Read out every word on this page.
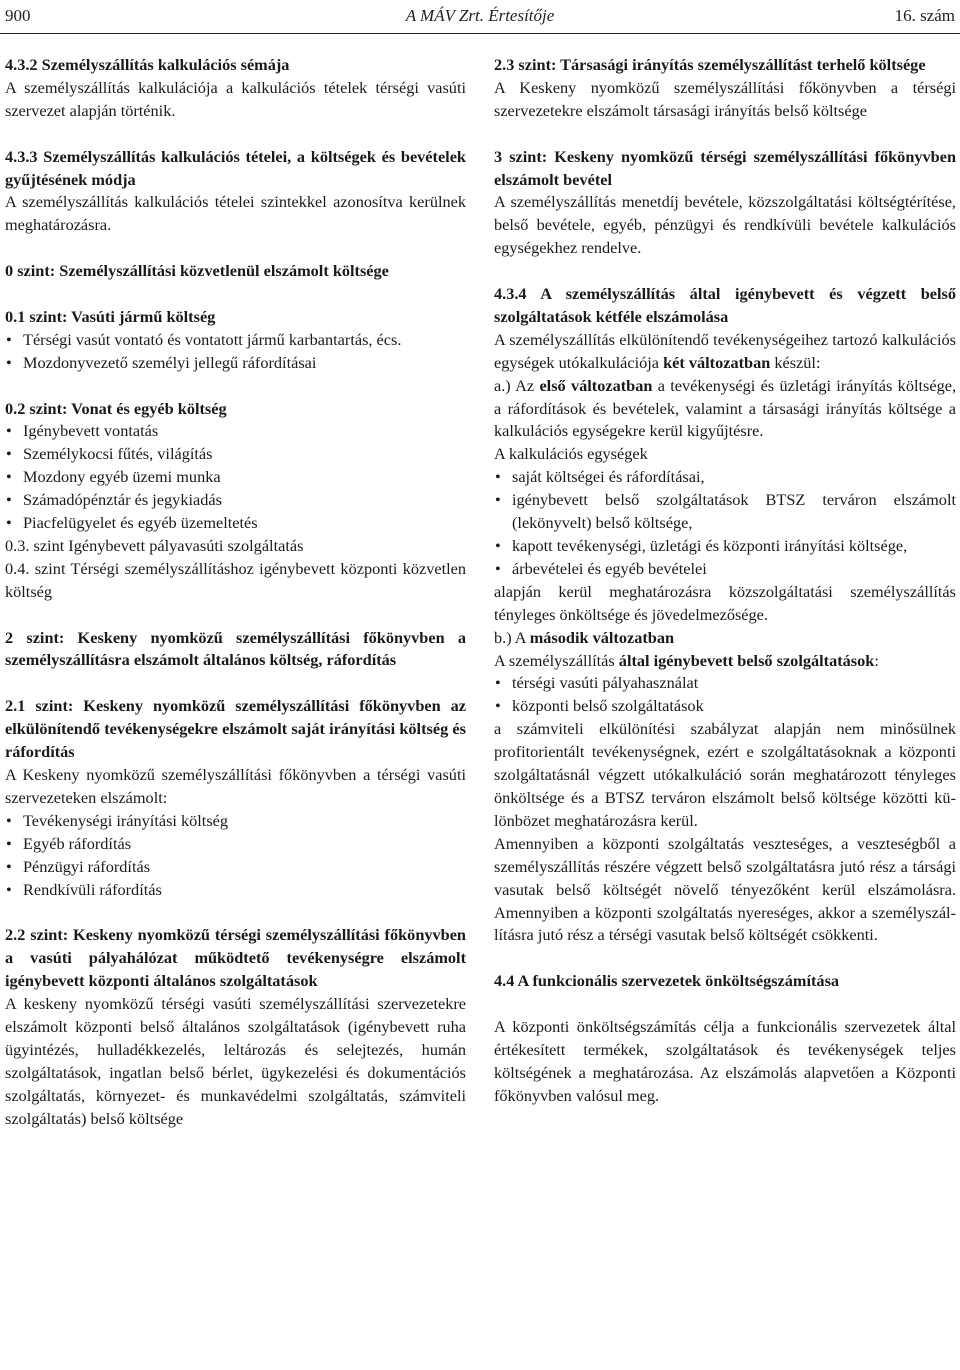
900	A MÁV Zrt. Értesítője	16. szám

4.3.2 Személyszállítás kalkulációs sémája

A személyszállítás kalkulációja a kalkulációs tételek térségi vasúti szervezet alapján történik.

4.3.3 Személyszállítás kalkulációs tételei, a költségek és bevételek gyűjtésének módja

A személyszállítás kalkulációs tételei szintekkel azonosítva kerülnek meghatározásra.

0 szint: Személyszállítási közvetlenül elszámolt költsége

0.1 szint: Vasúti jármű költség

• Térségi vasút vontató és vontatott jármű karbantartás, écs.

• Mozdonyvezető személyi jellegű ráfordításai

0.2 szint: Vonat és egyéb költség

• Igénybevett vontatás

• Személykocsi fűtés, világítás

• Mozdony egyéb üzemi munka

• Számadópénztár és jegykiadás

• Piacfelügyelet és egyéb üzemeltetés

0.3. szint Igénybevett pályavasúti szolgáltatás

0.4. szint Térségi személyszállításhoz igénybevett központi közvetlen költség

2 szint: Keskeny nyomközű személyszállítási főkönyvben a személyszállításra elszámolt általános költség, ráfordítás

2.1 szint: Keskeny nyomközű személyszállítási főkönyvben az elkülönítendő tevékenységekre elszámolt saját irányítási költség és ráfordítás

A Keskeny nyomközű személyszállítási főkönyvben a térségi vasúti szervezeteken elszámolt:

• Tevékenységi irányítási költség

• Egyéb ráfordítás

• Pénzügyi ráfordítás

• Rendkívüli ráfordítás

2.2 szint: Keskeny nyomközű térségi személyszállítási főkönyvben a vasúti pályahálózat működtető tevékenységre elszámolt igénybevett központi általános szolgáltatások

A keskeny nyomközű térségi vasúti személyszállítási szervezetekre elszámolt központi belső általános szolgáltatások (igénybevett ruha ügyintézés, hulladékkezelés, leltározás és selejtezés, humán szolgáltatások, ingatlan belső bérlet, ügykezelési és dokumentációs szolgáltatás, környezet- és munkavédelmi szolgáltatás, számviteli szolgáltatás) belső költsége

2.3 szint: Társasági irányítás személyszállítást terhelő költsége

A Keskeny nyomközű személyszállítási főkönyvben a térségi szervezetekre elszámolt társasági irányítás belső költsége

3 szint: Keskeny nyomközű térségi személyszállítási főkönyvben elszámolt bevétel

A személyszállítás menetdíj bevétele, közszolgáltatási költségtérítése, belső bevétele, egyéb, pénzügyi és rendkívüli bevétele kalkulációs egységekhez rendelve.

4.3.4 A személyszállítás által igénybevett és végzett belső szolgáltatások kétféle elszámolása

A személyszállítás elkülönítendő tevékenységeihez tartozó kalkulációs egységek utókalkulációja két változatban készül:

a.) Az első változatban a tevékenységi és üzletági irányítás költsége, a ráfordítások és bevételek, valamint a társasági irányítás költsége a kalkulációs egységekre kerül kigyűjtésre.

A kalkulációs egységek

• saját költségei és ráfordításai,

• igénybevett belső szolgáltatások BTSZ terváron elszámolt (lekönyvelt) belső költsége,

• kapott tevékenységi, üzletági és központi irányítási költsége,

• árbevételei és egyéb bevételei

alapján kerül meghatározásra közszolgáltatási személyszállítás tényleges önköltsége és jövedelmezősége.

b.) A második változatban

A személyszállítás által igénybevett belső szolgáltatások:

• térségi vasúti pályahasználat

• központi belső szolgáltatások

a számviteli elkülönítési szabályzat alapján nem minősülnek profitorientált tevékenységnek, ezért e szolgáltatásoknak a központi szolgáltatásnál végzett utókalkuláció során meghatározott tényleges önköltsége és a BTSZ terváron elszámolt belső költsége közötti különbözet meghatározásra kerül.

Amennyiben a központi szolgáltatás veszteséges, a veszteségből a személyszállítás részére végzett belső szolgáltatásra jutó rész a társági vasutak belső költségét növelő tényezőként kerül elszámolásra. Amennyiben a központi szolgáltatás nyereséges, akkor a személyszállításra jutó rész a térségi vasutak belső költségét csökkenti.

4.4 A funkcionális szervezetek önköltségszámítása

A központi önköltségszámítás célja a funkcionális szervezetek által értékesített termékek, szolgáltatások és tevékenységek teljes költségének a meghatározása. Az elszámolás alapvetően a Központi főkönyvben valósul meg.
